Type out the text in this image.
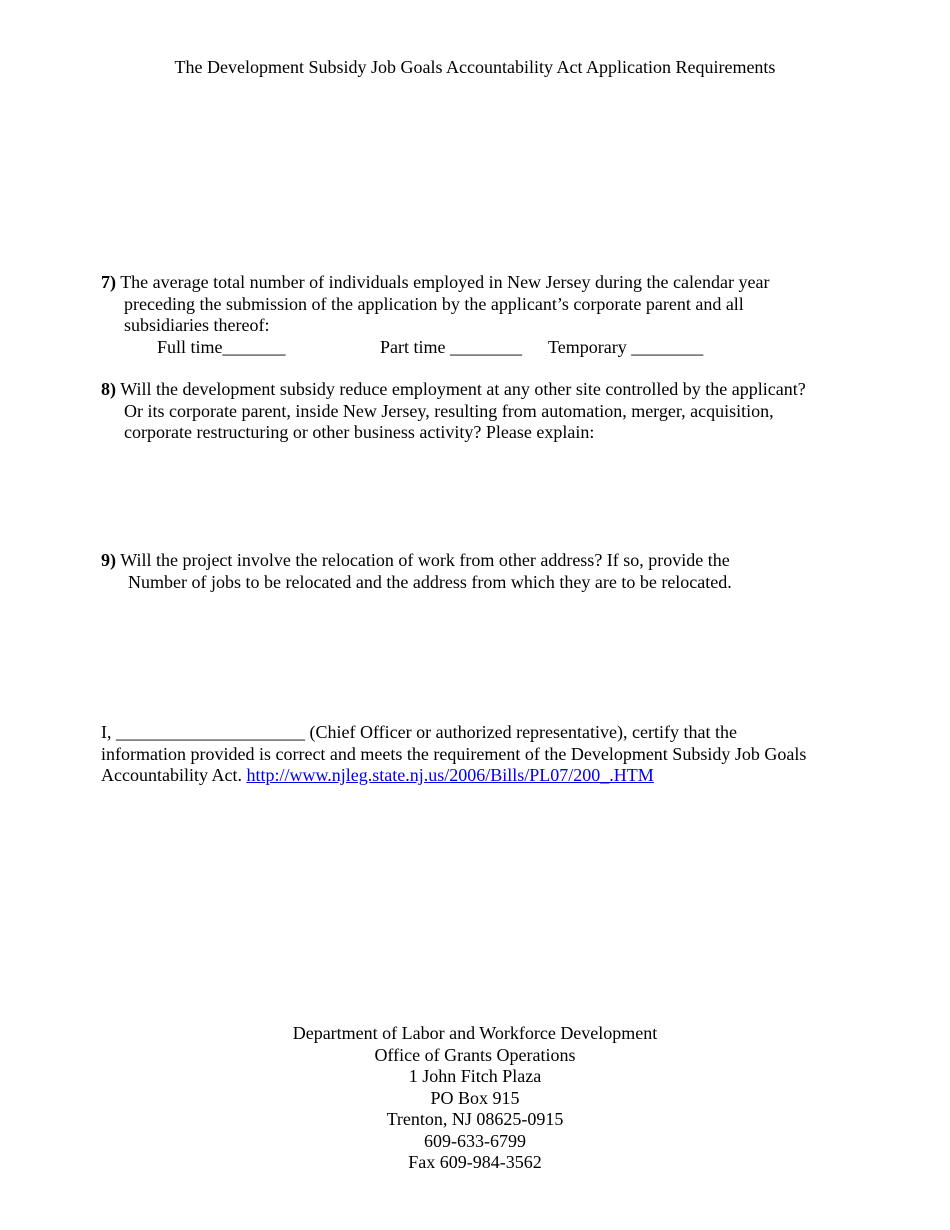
The Development Subsidy Job Goals Accountability Act Application Requirements
7) The average total number of individuals employed in New Jersey during the calendar year
preceding the submission of the application by the applicant’s corporate parent and all
subsidiaries thereof:
Full time_______	Part time ________ Temporary ________
8) Will the development subsidy reduce employment at any other site controlled by the applicant?
Or its corporate parent, inside New Jersey, resulting from automation, merger, acquisition,
corporate restructuring or other business activity? Please explain:
9) Will the project involve the relocation of work from other address? If so, provide the
Number of jobs to be relocated and the address from which they are to be relocated.
I, _____________________ (Chief Officer or authorized representative), certify that the
information provided is correct and meets the requirement of the Development Subsidy Job Goals
Accountability Act. http://www.njleg.state.nj.us/2006/Bills/PL07/200_.HTM
Department of Labor and Workforce Development
Office of Grants Operations
1 John Fitch Plaza
PO Box 915
Trenton, NJ 08625-0915
609-633-6799
Fax 609-984-3562
